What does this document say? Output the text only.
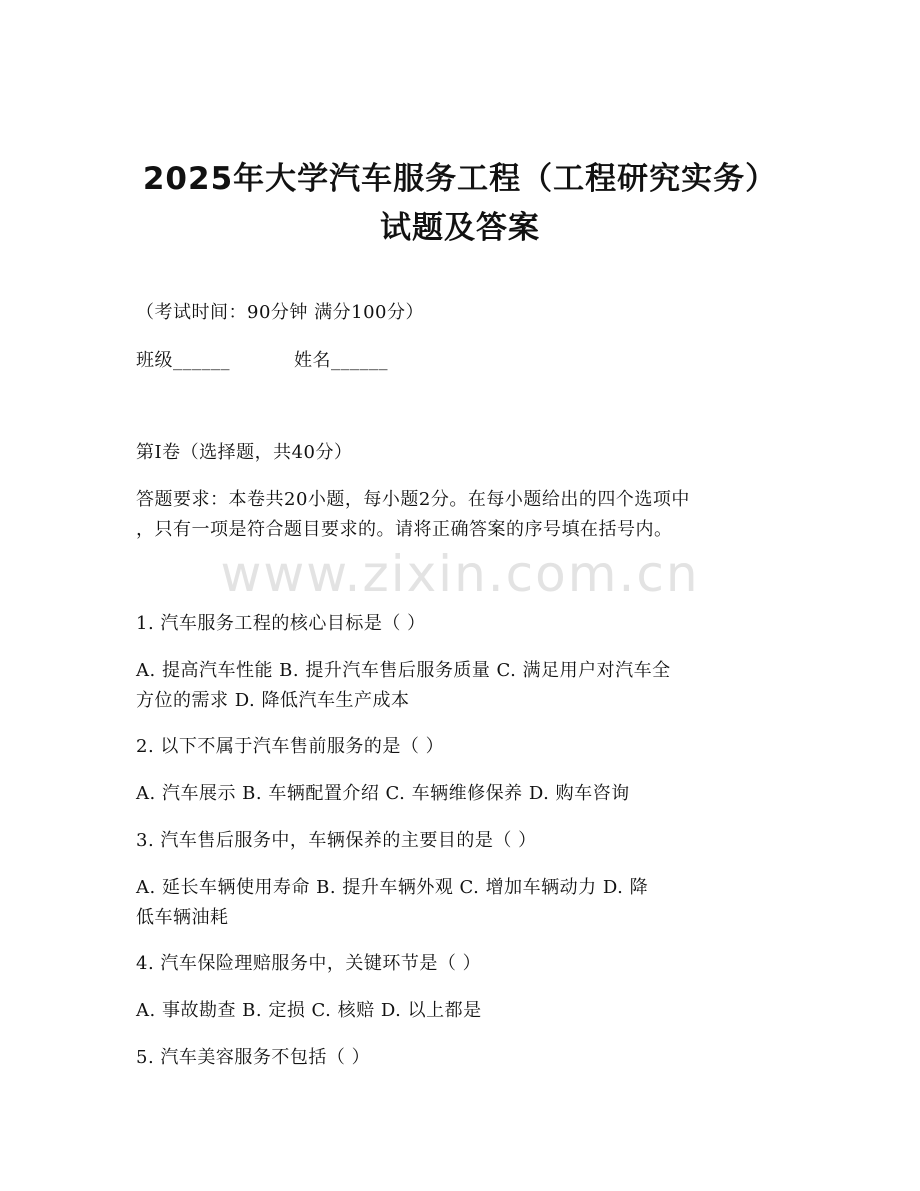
www.zixin.com.cn
2025年大学汽车服务工程（工程研究实务）
试题及答案
（考试时间：90分钟 满分100分）
班级______	姓名______
第I卷（选择题，共40分）
答题要求：本卷共20小题，每小题2分。在每小题给出的四个选项中
，只有一项是符合题目要求的。请将正确答案的序号填在括号内。
1. 汽车服务工程的核心目标是（ ）
A. 提高汽车性能 B. 提升汽车售后服务质量 C. 满足用户对汽车全
方位的需求 D. 降低汽车生产成本
2. 以下不属于汽车售前服务的是（ ）
A. 汽车展示 B. 车辆配置介绍 C. 车辆维修保养 D. 购车咨询
3. 汽车售后服务中，车辆保养的主要目的是（ ）
A. 延长车辆使用寿命 B. 提升车辆外观 C. 增加车辆动力 D. 降
低车辆油耗
4. 汽车保险理赔服务中，关键环节是（ ）
A. 事故勘查 B. 定损 C. 核赔 D. 以上都是
5. 汽车美容服务不包括（ ）
